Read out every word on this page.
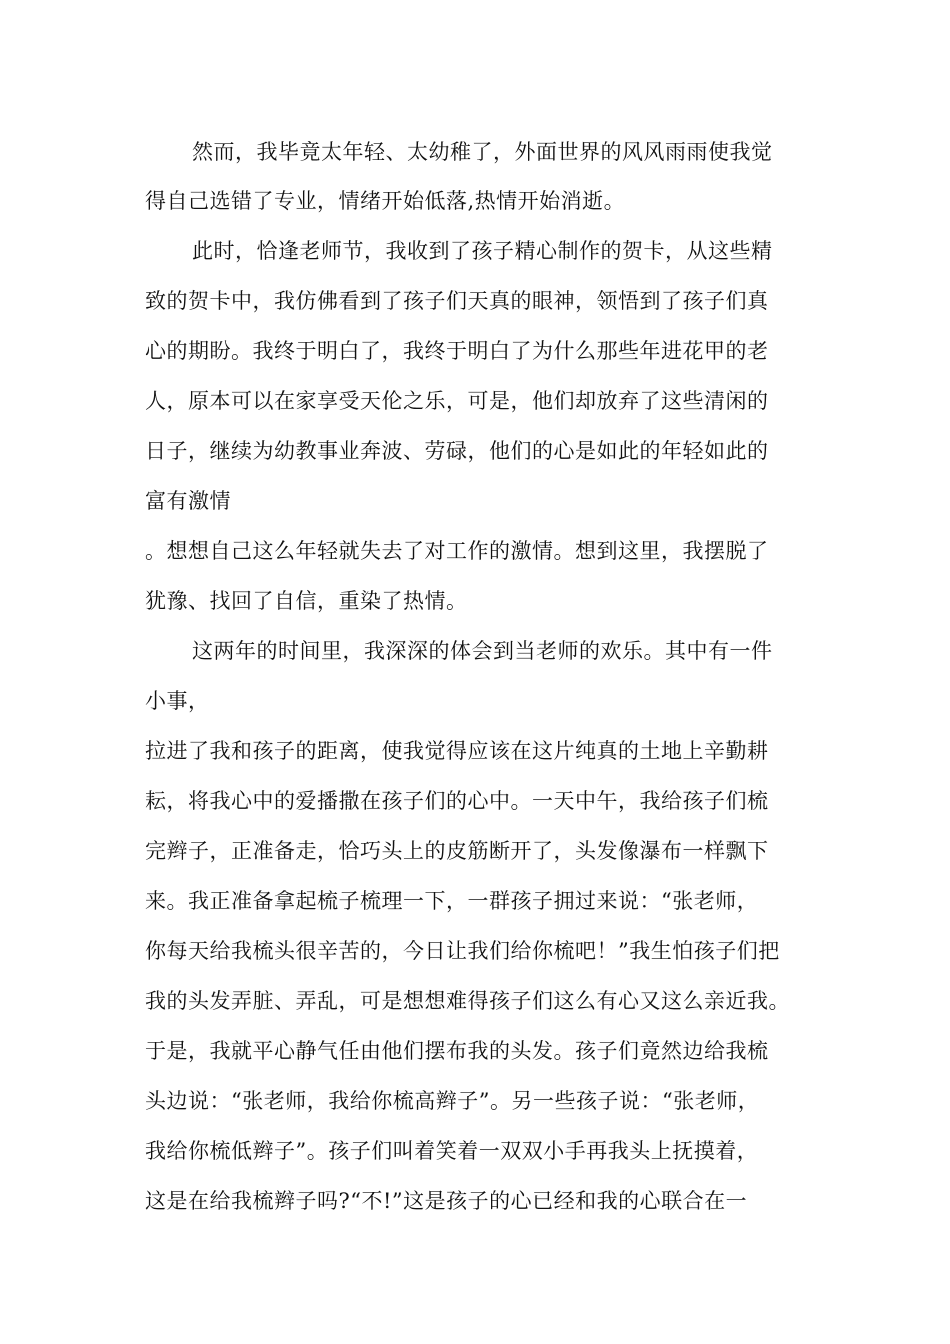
然而，我毕竟太年轻、太幼稚了，外面世界的风风雨雨使我觉
得自己选错了专业，情绪开始低落,热情开始消逝。
此时，恰逢老师节，我收到了孩子精心制作的贺卡，从这些精
致的贺卡中，我仿佛看到了孩子们天真的眼神，领悟到了孩子们真
心的期盼。我终于明白了，我终于明白了为什么那些年进花甲的老
人，原本可以在家享受天伦之乐，可是，他们却放弃了这些清闲的
日子，继续为幼教事业奔波、劳碌，他们的心是如此的年轻如此的
富有激情
。想想自己这么年轻就失去了对工作的激情。想到这里，我摆脱了
犹豫、找回了自信，重染了热情。
这两年的时间里，我深深的体会到当老师的欢乐。其中有一件
小事，
拉进了我和孩子的距离，使我觉得应该在这片纯真的土地上辛勤耕
耘，将我心中的爱播撒在孩子们的心中。一天中午，我给孩子们梳
完辫子，正准备走，恰巧头上的皮筋断开了，头发像瀑布一样飘下
来。我正准备拿起梳子梳理一下，一群孩子拥过来说：“张老师，
你每天给我梳头很辛苦的，今日让我们给你梳吧！”我生怕孩子们把
我的头发弄脏、弄乱，可是想想难得孩子们这么有心又这么亲近我。
于是，我就平心静气任由他们摆布我的头发。孩子们竟然边给我梳
头边说：“张老师，我给你梳高辫子”。另一些孩子说：“张老师，
我给你梳低辫子”。孩子们叫着笑着一双双小手再我头上抚摸着，
这是在给我梳辫子吗?“不!”这是孩子的心已经和我的心联合在一
